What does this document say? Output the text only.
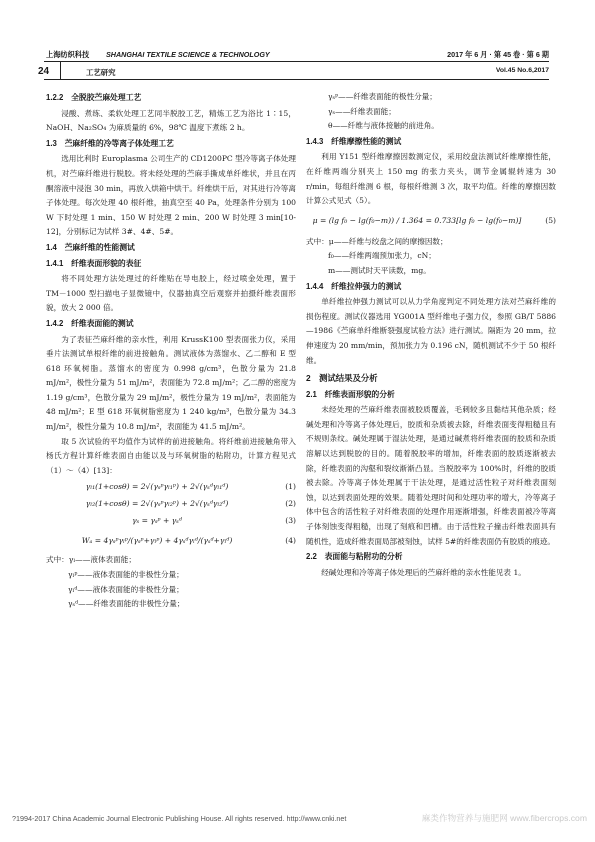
上海纺织科技 SHANGHAI TEXTILE SCIENCE & TECHNOLOGY	2017 年 6 月 · 第 45 卷 · 第 6 期
24	工艺研究	Vol.45 No.6,2017
1.2.2　全脱胶苎麻处理工艺

浸酸、煮练、柔软处理工艺同半脱胶工艺，精炼工艺为浴比 1∶15，NaOH、Na₂SO₄ 为麻质量的 6%，98℃ 温度下煮练 2 h。

1.3　苎麻纤维的冷等离子体处理工艺

选用比利时 Europlasma 公司生产的 CD1200PC 型冷等离子体处理机，对苎麻纤维进行脱胶。将未经处理的苎麻手撕成单纤维状，并且在丙酮溶液中浸泡 30 min，再放入烘箱中烘干。纤维烘干后，对其进行冷等离子体处理。每次处理 40 根纤维，抽真空至 40 Pa，处理条件分别为 100 W 下时处理 1 min、150 W 时处理 2 min、200 W 时处理 3 min[10-12]，分别标记为试样 3#、4#、5#。

1.4　苎麻纤维的性能测试
1.4.1　纤维表面形貌的表征

将不同处理方法处理过的纤维贴在导电胶上，经过喷金处理，置于 TM－1000 型扫描电子显微镜中，仪器抽真空后观察并拍摄纤维表面形貌，放大 2 000 倍。

1.4.2　纤维表面能的测试

为了表征苎麻纤维的亲水性，利用 KrussK100 型表面张力仪，采用垂片法测试单根纤维的前进接触角。测试液体为蒸馏水、乙二醇和 E 型 618 环氧树脂。蒸馏水的密度为 0.998 g/cm³，色散分量为 21.8 mJ/m²，极性分量为 51 mJ/m²，表面能为 72.8 mJ/m²；乙二醇的密度为 1.19 g/cm³，色散分量为 29 mJ/m²，极性分量为 19 mJ/m²，表面能为 48 mJ/m²；E 型 618 环氧树脂密度为 1 240 kg/m³，色散分量为 34.3 mJ/m²，极性分量为 10.8 mJ/m²，表面能为 41.5 mJ/m²。

取 5 次试验的平均值作为试样的前进接触角。将纤维前进接触角带入杨氏方程计算纤维表面自由能以及与环氧树脂的粘附功，计算方程见式（1）～（4）[13]：

γₗ₁(1+cosθ) = 2√(γₛᵖγₗ₁ᵖ) + 2√(γₛᵈγₗ₁ᵈ)	(1)
γₗ₂(1+cosθ) = 2√(γₛᵖγₗ₂ᵖ) + 2√(γₛᵈγₗ₂ᵈ)	(2)
γₛ = γₛᵖ + γₛᵈ	(3)
Wₐ = 4γₛᵖγₗᵖ/(γₛᵖ+γₗᵖ) + 4γₛᵈγₗᵈ/(γₛᵈ+γₗᵈ)	(4)
式中：γₗ——液体表面能；
γₗᵖ——液体表面能的非极性分量；
γₗᵈ——液体表面能的非极性分量；
γₛᵈ——纤维表面能的非极性分量；
γₛᵖ——纤维表面能的极性分量；
γₛ——纤维表面能；
θ——纤维与液体接触的前进角。
1.4.3　纤维摩擦性能的测试

利用 Y151 型纤维摩擦因数测定仪，采用绞盘法测试纤维摩擦性能，在纤维两端分别夹上 150 mg 的张力夹头，调节金属辊转速为 30 r/min，每组纤维测 6 根，每根纤维测 3 次，取平均值。纤维的摩擦因数计算公式见式（5）。

μ = (lg f₀ − lg(f₀−m)) / 1.364 = 0.733[lg f₀ − lg(f₀−m)]	(5)
式中：μ——纤维与绞盘之间的摩擦因数；
f₀——纤维两端预加张力，cN；
m——测试时天平读数，mg。
1.4.4　纤维拉伸强力的测试

单纤维拉伸强力测试可以从力学角度判定不同处理方法对苎麻纤维的损伤程度。测试仪器选用 YG001A 型纤维电子强力仪，参照 GB/T 5886—1986《苎麻单纤维断裂强度试验方法》进行测试。隔距为 20 mm，拉伸速度为 20 mm/min，预加张力为 0.196 cN，随机测试不少于 50 根纤维。

2　测试结果及分析
2.1　纤维表面形貌的分析

未经处理的苎麻纤维表面被胶质覆盖，毛刺较多且黏结其他杂质；经碱处理和冷等离子体处理后，胶质和杂质被去除，纤维表面变得粗糙且有不规则条纹。碱处理属于湿法处理，是通过碱煮将纤维表面的胶质和杂质溶解以达到脱胶的目的。随着脱胶率的增加，纤维表面的胶质逐渐被去除，纤维表面的沟壑和裂纹渐渐凸显。当脱胶率为 100%时，纤维的胶质被去除。冷等离子体处理属于干法处理，是通过活性粒子对纤维表面刻蚀，以达到表面处理的效果。随着处理时间和处理功率的增大，冷等离子体中包含的活性粒子对纤维表面的处理作用逐渐增强，纤维表面被冷等离子体刻蚀变得粗糙，出现了刻痕和凹槽。由于活性粒子撞击纤维表面具有随机性，造成纤维表面局部被刻蚀，试样 5#的纤维表面仍有胶质的痕迹。

2.2　表面能与粘附功的分析

经碱处理和冷等离子体处理后的苎麻纤维的亲水性能见表 1。

?1994-2017 China Academic Journal Electronic Publishing House. All rights reserved. http://www.cnki.net	麻类作物营养与施肥网 www.fibercrops.com
